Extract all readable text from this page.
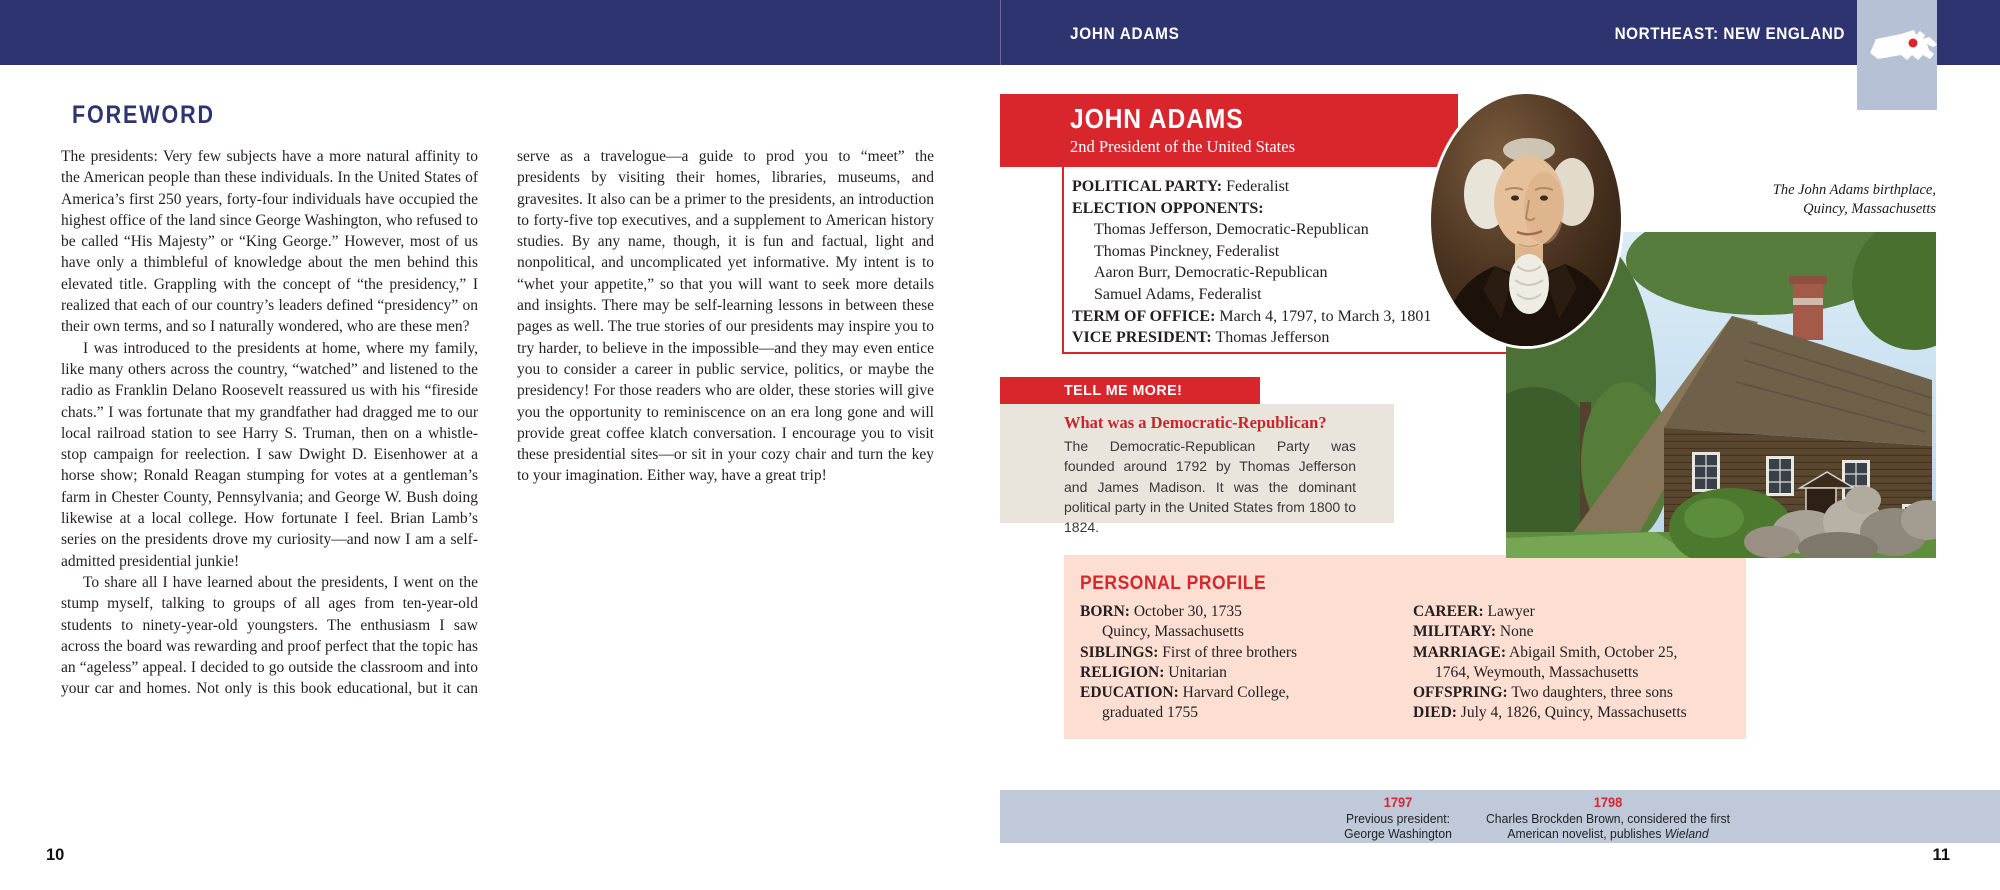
JOHN ADAMS	NORTHEAST: NEW ENGLAND
FOREWORD

The presidents: Very few subjects have a more natural affinity to the American people than these individuals. In the United States of America’s first 250 years, forty-four individuals have occupied the highest office of the land since George Washington, who refused to be called “His Majesty” or “King George.” However, most of us have only a thimbleful of knowledge about the men behind this elevated title. Grappling with the concept of “the presidency,” I realized that each of our country’s leaders defined “presidency” on their own terms, and so I naturally wondered, who are these men?

I was introduced to the presidents at home, where my family, like many others across the country, “watched” and listened to the radio as Franklin Delano Roosevelt reassured us with his “fireside chats.” I was fortunate that my grandfather had dragged me to our local railroad station to see Harry S. Truman, then on a whistle-stop campaign for reelection. I saw Dwight D. Eisenhower at a horse show; Ronald Reagan stumping for votes at a gentleman’s farm in Chester County, Pennsylvania; and George W. Bush doing likewise at a local college. How fortunate I feel. Brian Lamb’s series on the presidents drove my curiosity—and now I am a self-admitted presidential junkie!

To share all I have learned about the presidents, I went on the stump myself, talking to groups of all ages from ten-year-old students to ninety-year-old youngsters. The enthusiasm I saw across the board was rewarding and proof perfect that the topic has an “ageless” appeal. I decided to go outside the classroom and into your car and homes. Not only is this book educational, but it can serve as a travelogue—a guide to prod you to “meet” the presidents by visiting their homes, libraries, museums, and gravesites. It also can be a primer to the presidents, an introduction to forty-five top executives, and a supplement to American history studies. By any name, though, it is fun and factual, light and nonpolitical, and uncomplicated yet informative. My intent is to “whet your appetite,” so that you will want to seek more details and insights. There may be self-learning lessons in between these pages as well. The true stories of our presidents may inspire you to try harder, to believe in the impossible—and they may even entice you to consider a career in public service, politics, or maybe the presidency! For those readers who are older, these stories will give you the opportunity to reminiscence on an era long gone and will provide great coffee klatch conversation. I encourage you to visit these presidential sites—or sit in your cozy chair and turn the key to your imagination. Either way, have a great trip!

10
JOHN ADAMS
2nd President of the United States
POLITICAL PARTY: Federalist
ELECTION OPPONENTS:
Thomas Jefferson, Democratic-Republican
Thomas Pinckney, Federalist
Aaron Burr, Democratic-Republican
Samuel Adams, Federalist
TERM OF OFFICE: March 4, 1797, to March 3, 1801
VICE PRESIDENT: Thomas Jefferson
The John Adams birthplace,
Quincy, Massachusetts
TELL ME MORE!
What was a Democratic-Republican?
The Democratic-Republican Party was founded around 1792 by Thomas Jefferson and James Madison. It was the dominant political party in the United States from 1800 to 1824.
PERSONAL PROFILE
BORN: October 30, 1735
Quincy, Massachusetts
SIBLINGS: First of three brothers
RELIGION: Unitarian
EDUCATION: Harvard College,
graduated 1755
CAREER: Lawyer
MILITARY: None
MARRIAGE: Abigail Smith, October 25,
1764, Weymouth, Massachusetts
OFFSPRING: Two daughters, three sons
DIED: July 4, 1826, Quincy, Massachusetts
1797
Previous president:
George Washington
1798
Charles Brockden Brown, considered the first
American novelist, publishes Wieland
11
